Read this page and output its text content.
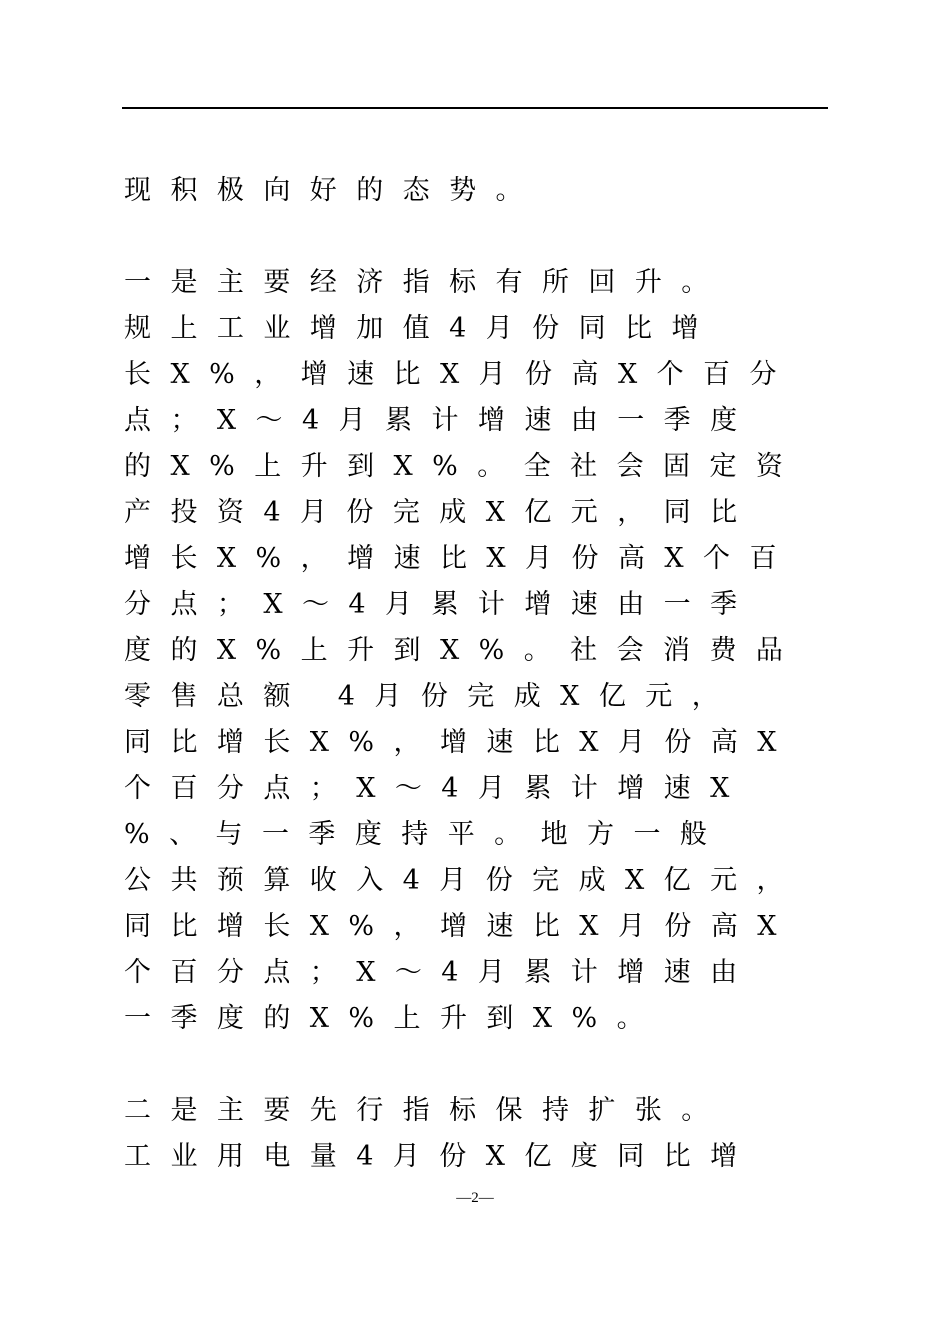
现积极向好的态势。
一是主要经济指标有所回升。
规上工业增加值4月份同比增
长X%，增速比X月份高X个百分
点；X～4月累计增速由一季度
的X%上升到X%。全社会固定资
产投资4月份完成X亿元，同比
增长X%，增速比X月份高X个百
分点；X～4月累计增速由一季
度的X%上升到X%。社会消费品
零售总额 4月份完成X亿元，
同比增长X%，增速比X月份高X
个百分点；X～4月累计增速X
%、与一季度持平。地方一般
公共预算收入4月份完成X亿元，
同比增长X%，增速比X月份高X
个百分点；X～4月累计增速由
一季度的X%上升到X%。
二是主要先行指标保持扩张。
工业用电量4月份X亿度同比增
—2—
